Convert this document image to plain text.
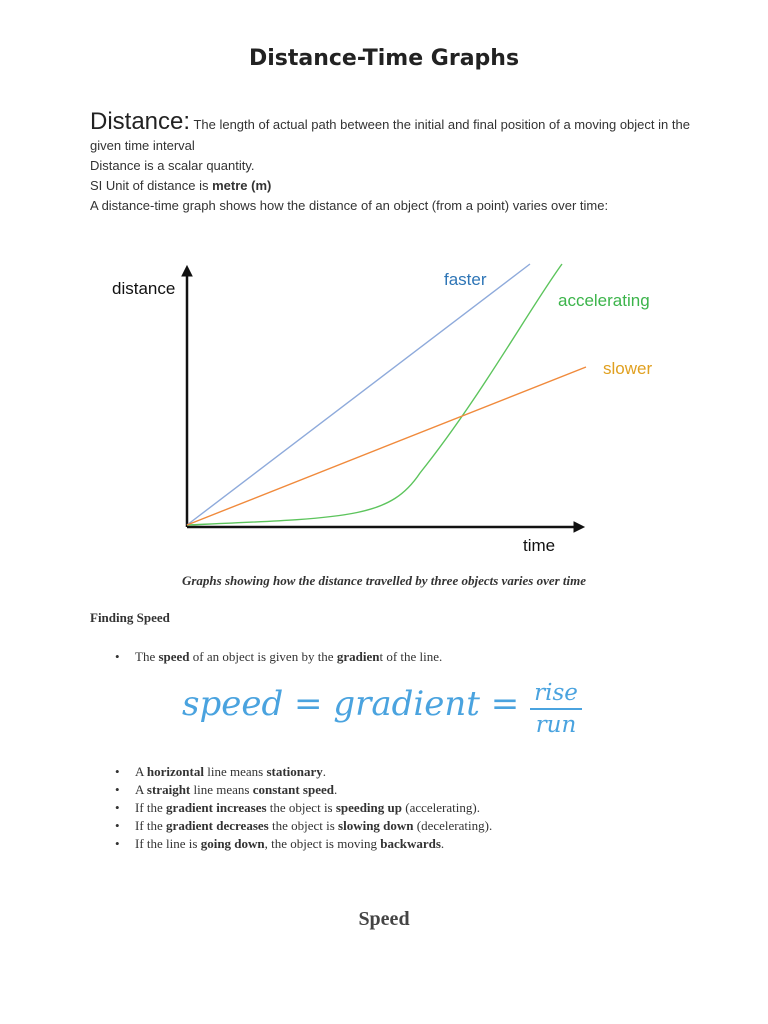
Distance-Time Graphs
Distance: The length of actual path between the initial and final position of a moving object in the given time interval
Distance is a scalar quantity.
SI Unit of distance is metre (m)
A distance-time graph shows how the distance of an object (from a point) varies over time:
distance
time
faster
accelerating
slower
Graphs showing how the distance travelled by three objects varies over time
Finding Speed
• The speed of an object is given by the gradient of the line.
speed = gradient = rise
run
• A horizontal line means stationary.
• A straight line means constant speed.
• If the gradient increases the object is speeding up (accelerating).
• If the gradient decreases the object is slowing down (decelerating).
• If the line is going down, the object is moving backwards.
Speed
